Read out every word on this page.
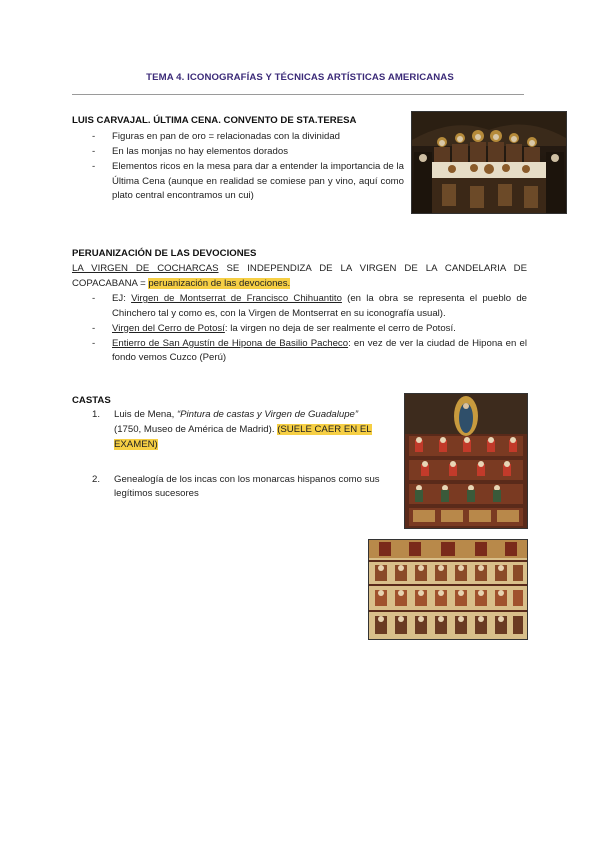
TEMA 4. ICONOGRAFÍAS Y TÉCNICAS ARTÍSTICAS AMERICANAS
LUIS CARVAJAL. ÚLTIMA CENA. CONVENTO DE STA.TERESA
- Figuras en pan de oro = relacionadas con la divinidad
- En las monjas no hay elementos dorados
- Elementos ricos en la mesa para dar a entender la importancia de la Última Cena (aunque en realidad se comiese pan y vino, aquí como plato central encontramos un cui)
PERUANIZACIÓN DE LAS DEVOCIONES
LA VIRGEN DE COCHARCAS SE INDEPENDIZA DE LA VIRGEN DE LA CANDELARIA DE COPACABANA = peruanización de las devociones.
- EJ: Virgen de Montserrat de Francisco Chihuantito (en la obra se representa el pueblo de Chinchero tal y como es, con la Virgen de Montserrat en su iconografía usual).
- Virgen del Cerro de Potosí: la virgen no deja de ser realmente el cerro de Potosí.
- Entierro de San Agustín de Hipona de Basilio Pacheco: en vez de ver la ciudad de Hipona en el fondo vemos Cuzco (Perú)
CASTAS
1. Luis de Mena, “Pintura de castas y Virgen de Guadalupe” (1750, Museo de América de Madrid). (SUELE CAER EN EL EXAMEN)
2. Genealogía de los incas con los monarcas hispanos como sus legítimos sucesores
